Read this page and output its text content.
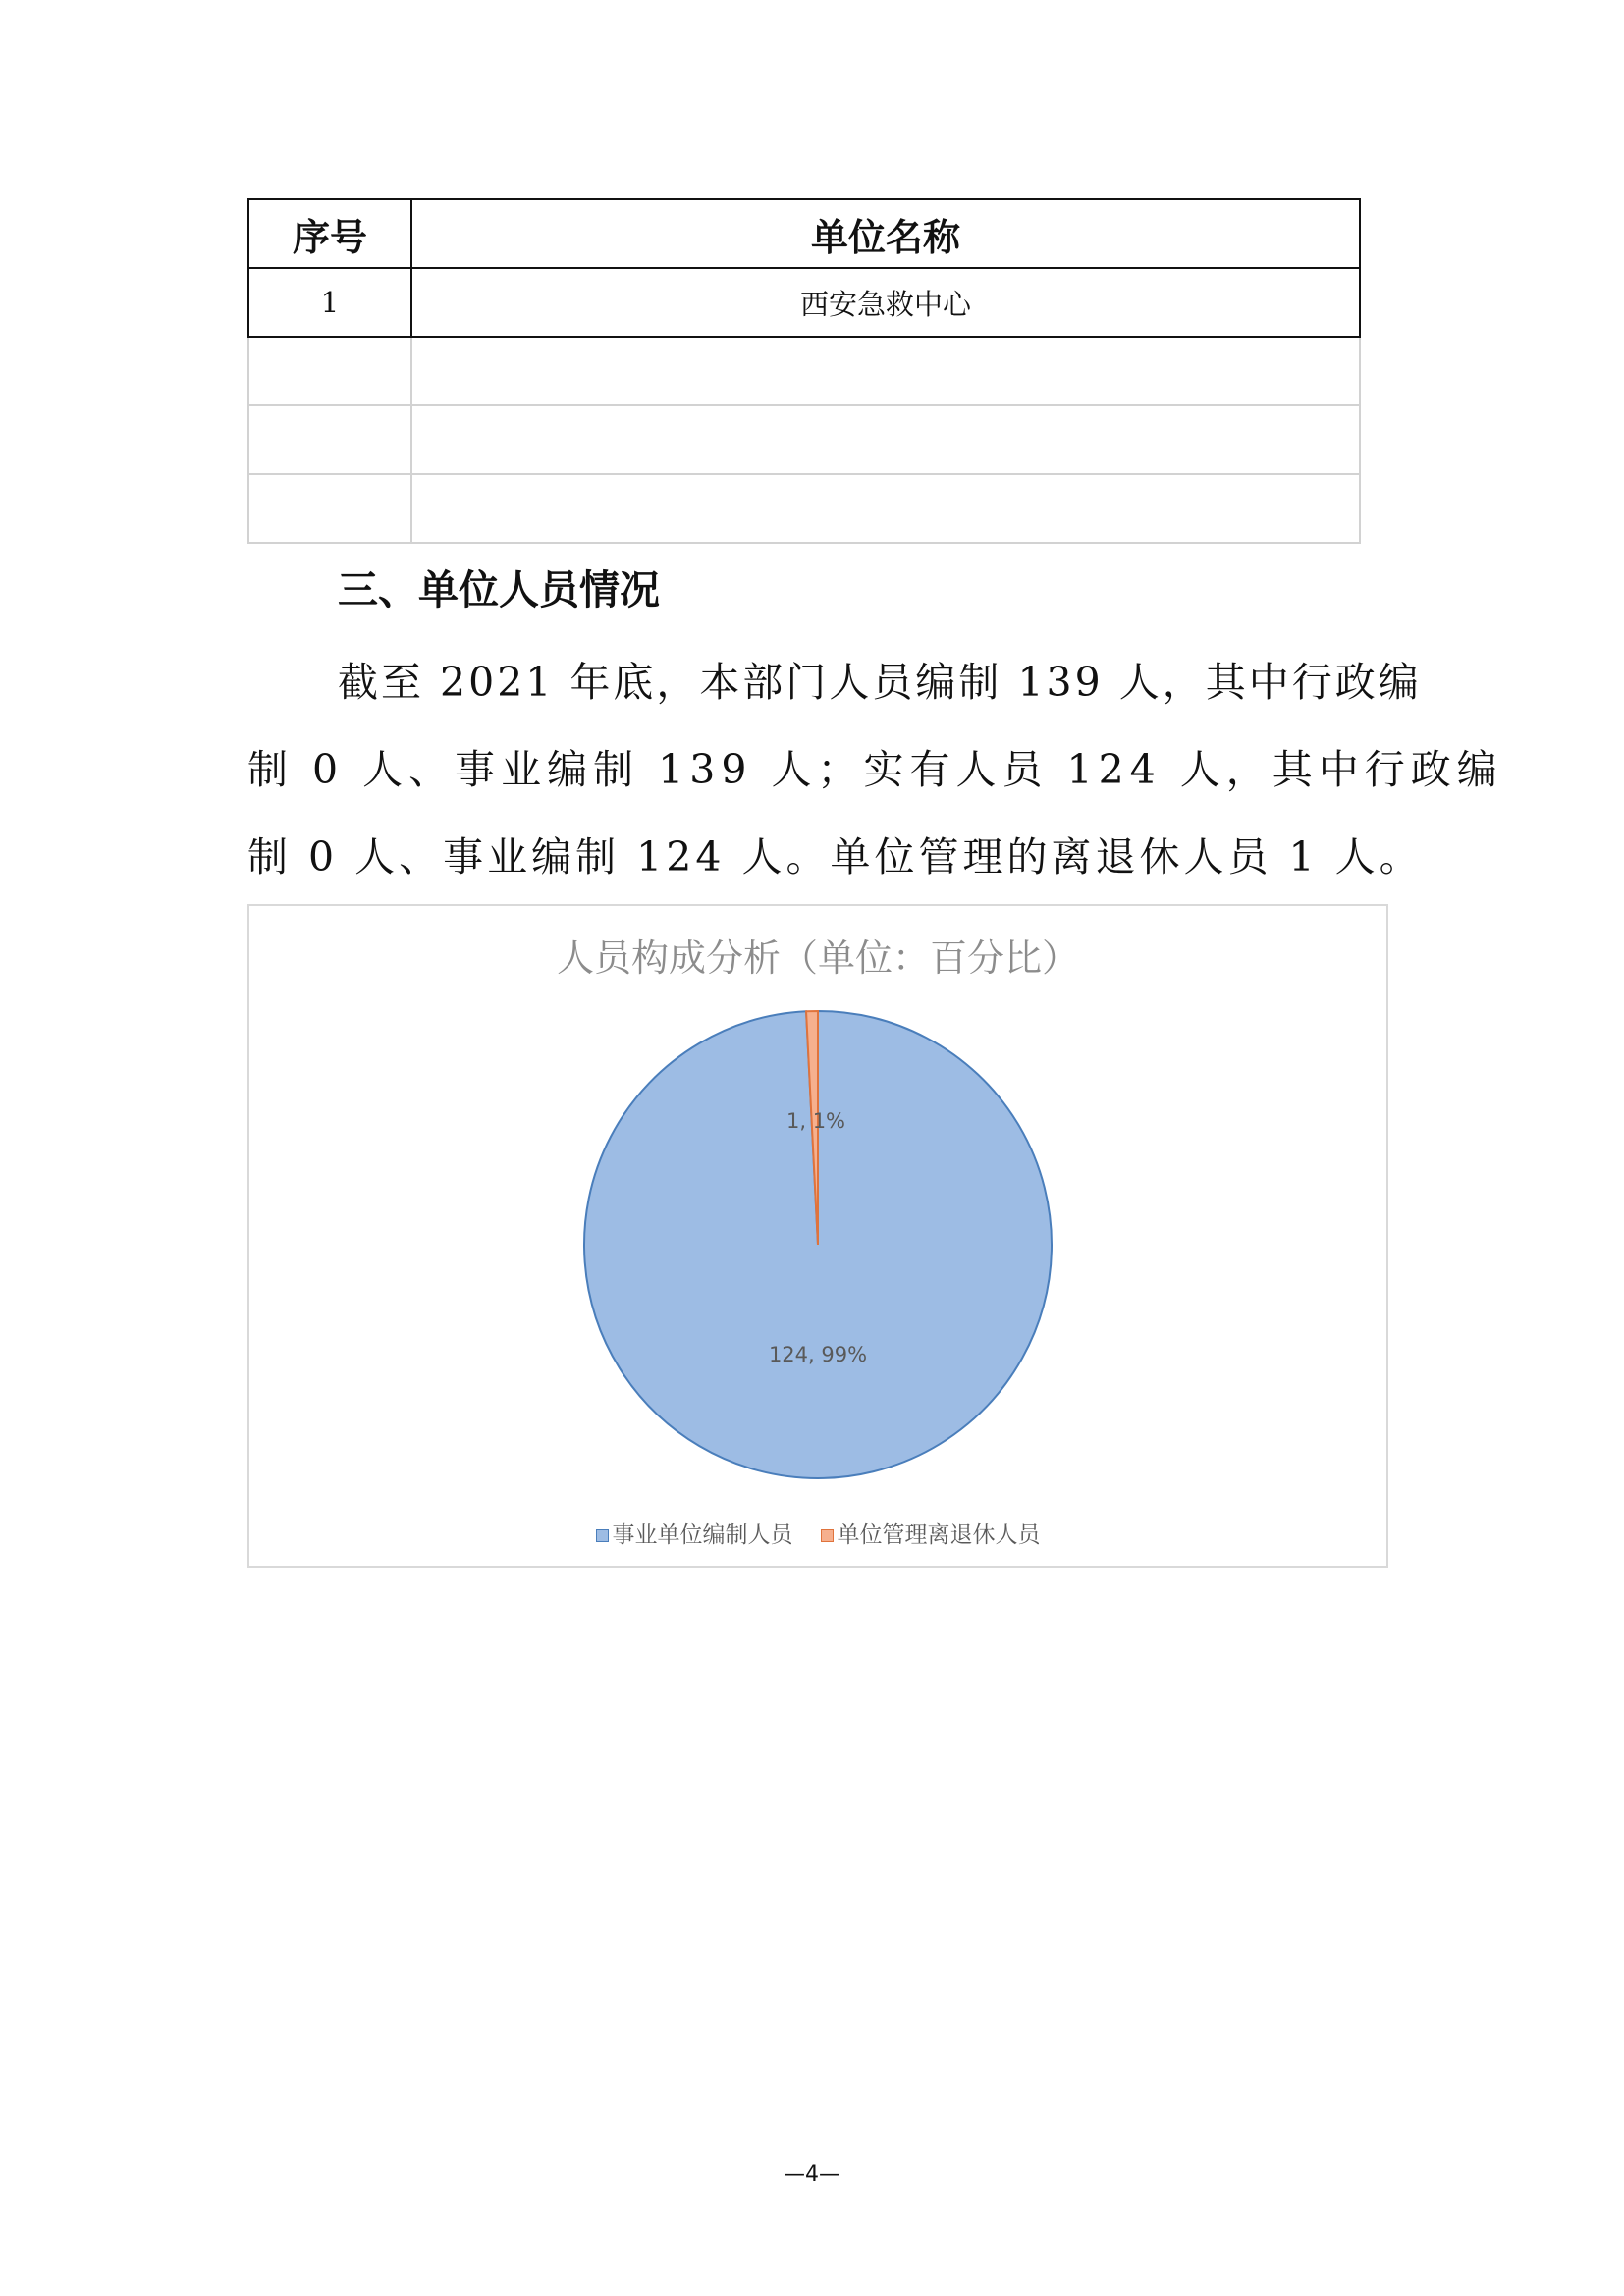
序号	单位名称
1	西安急救中心

三、单位人员情况

截至 2021 年底，本部门人员编制 139 人，其中行政编

制 0 人、事业编制 139 人；实有人员 124 人，其中行政编

制 0 人、事业编制 124 人。单位管理的离退休人员 1 人。

人员构成分析（单位：百分比）

124, 99%
1, 1%
事业单位编制人员 单位管理离退休人员
—4—
